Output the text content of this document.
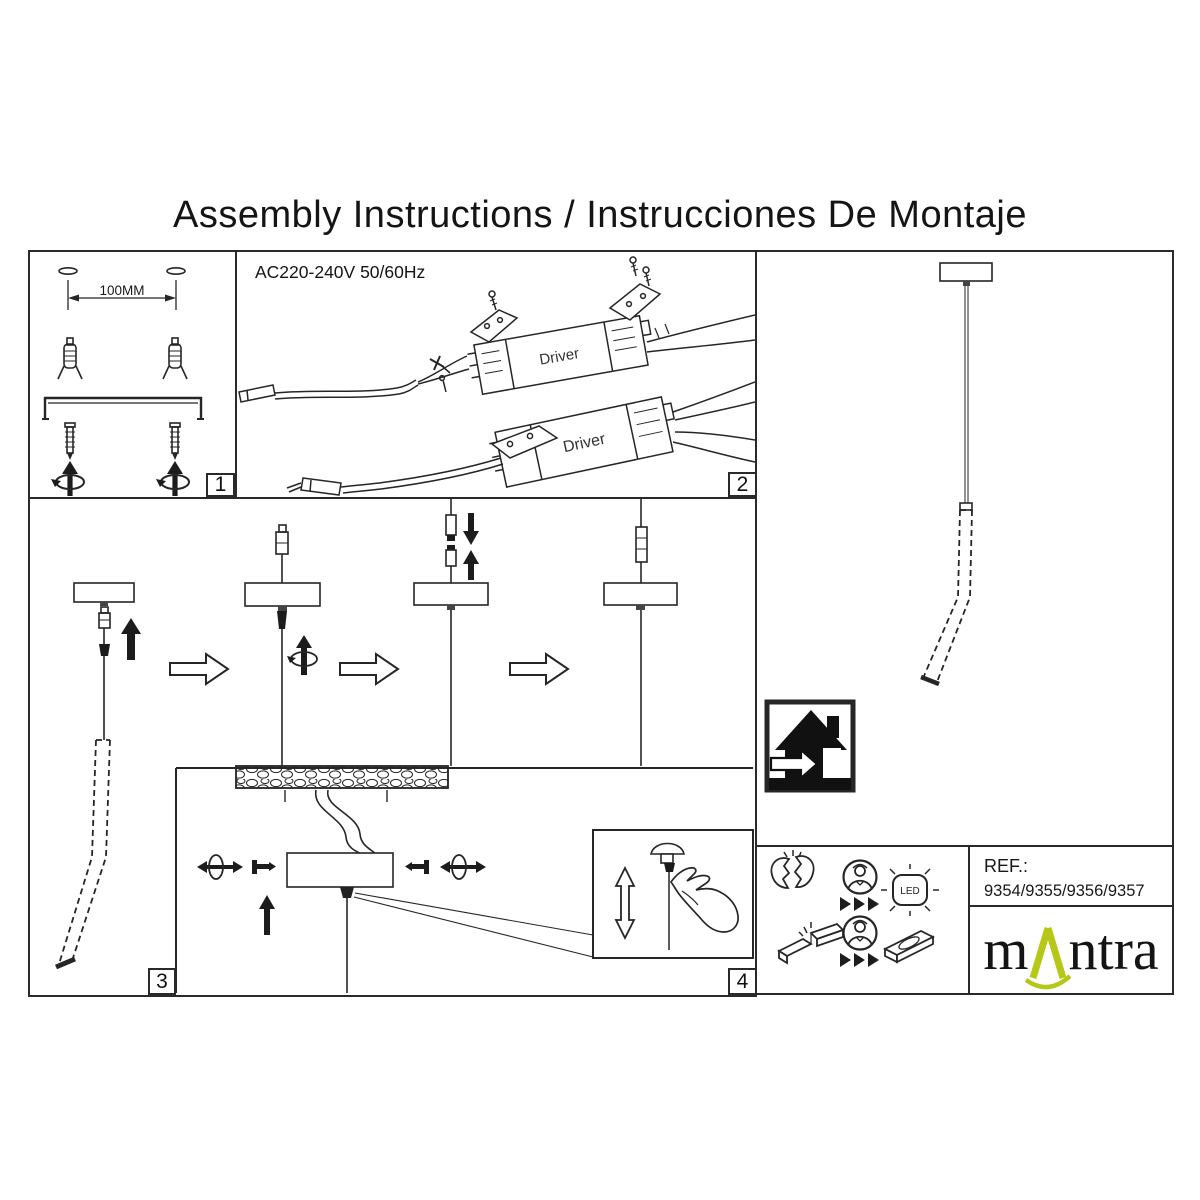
Assembly Instructions / Instrucciones De Montaje
100MM
1
AC220-240V 50/60Hz
Driver
Driver
2
3	4
LED
REF.:
9354/9355/9356/9357
m ntra
